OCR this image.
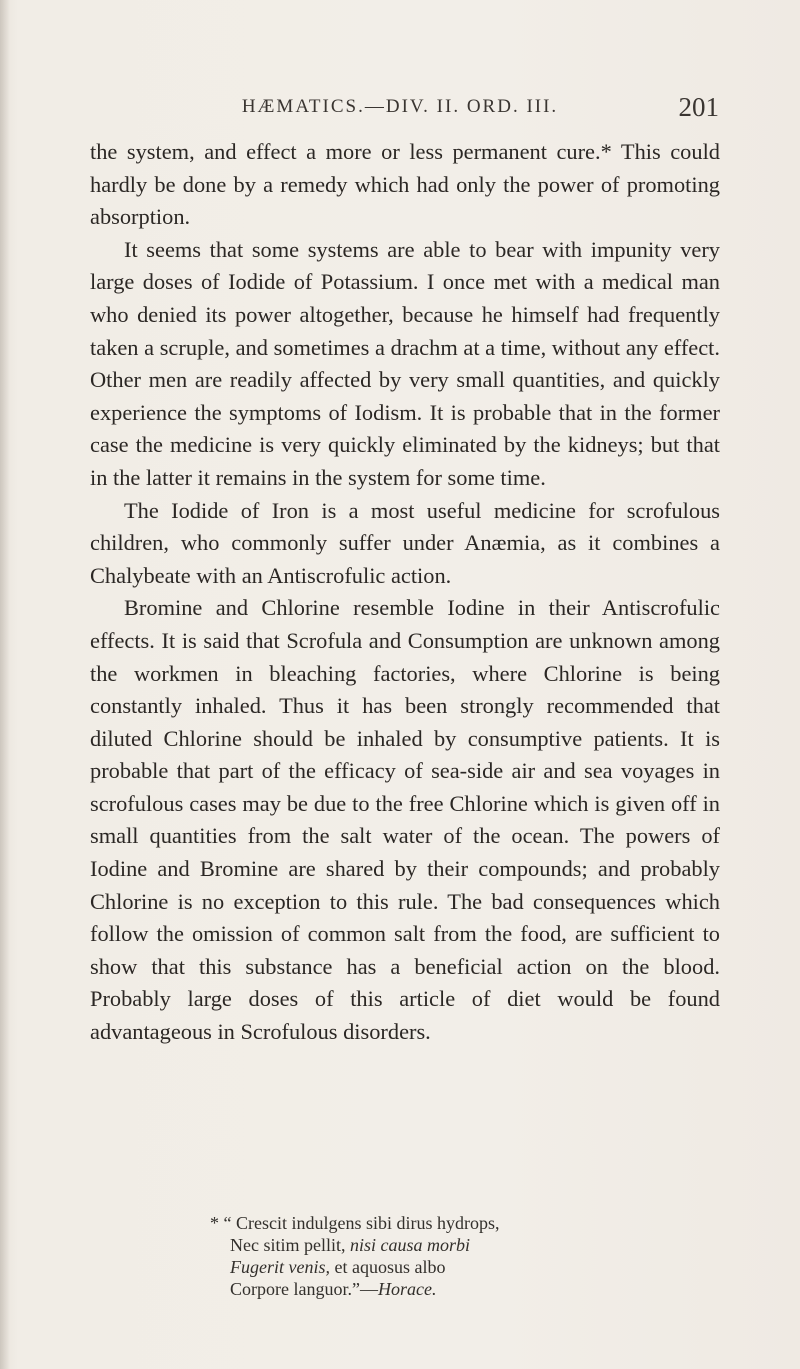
HÆMATICS.—DIV. II. ORD. III.	201

the system, and effect a more or less permanent cure.* This could hardly be done by a remedy which had only the power of promoting absorption.

It seems that some systems are able to bear with impunity very large doses of Iodide of Potassium. I once met with a medical man who denied its power altogether, because he himself had frequently taken a scruple, and sometimes a drachm at a time, without any effect. Other men are readily affected by very small quantities, and quickly experience the symptoms of Iodism. It is probable that in the former case the medicine is very quickly eliminated by the kidneys; but that in the latter it remains in the system for some time.

The Iodide of Iron is a most useful medicine for scrofulous children, who commonly suffer under Anæmia, as it combines a Chalybeate with an Antiscrofulic action.

Bromine and Chlorine resemble Iodine in their Antiscrofulic effects. It is said that Scrofula and Consumption are unknown among the workmen in bleaching factories, where Chlorine is being constantly inhaled. Thus it has been strongly recommended that diluted Chlorine should be inhaled by consumptive patients. It is probable that part of the efficacy of sea-side air and sea voyages in scrofulous cases may be due to the free Chlorine which is given off in small quantities from the salt water of the ocean. The powers of Iodine and Bromine are shared by their compounds; and probably Chlorine is no exception to this rule. The bad consequences which follow the omission of common salt from the food, are sufficient to show that this substance has a beneficial action on the blood. Probably large doses of this article of diet would be found advantageous in Scrofulous disorders.

* “ Crescit indulgens sibi dirus hydrops,
Nec sitim pellit, nisi causa morbi
Fugerit venis, et aquosus albo
Corpore languor.”—Horace.
